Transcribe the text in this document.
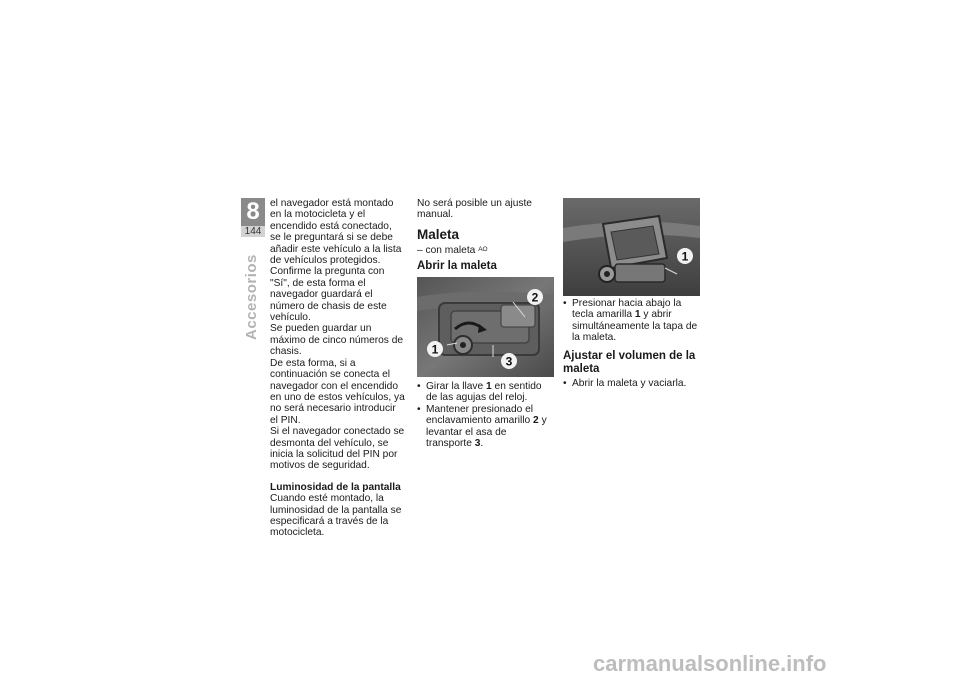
8
144
Accesorios

el navegador está montado en la motocicleta y el encendido está conectado, se le preguntará si se debe añadir este vehículo a la lista de vehículos protegidos.

Confirme la pregunta con "Sí", de esta forma el navegador guardará el número de chasis de este vehículo.

Se pueden guardar un máximo de cinco números de chasis.

De esta forma, si a continuación se conecta el navegador con el encendido en uno de estos vehículos, ya no será necesario introducir el PIN.

Si el navegador conectado se desmonta del vehículo, se inicia la solicitud del PIN por motivos de seguridad.

Luminosidad de la pantalla

Cuando esté montado, la luminosidad de la pantalla se especificará a través de la motocicleta.

No será posible un ajuste manual.

Maleta

– con maleta $^{AO}$

Abrir la maleta
2
1
3
• Girar la llave 1 en sentido de las agujas del reloj.
• Mantener presionado el enclavamiento amarillo 2 y levantar el asa de transporte 3.
1
• Presionar hacia abajo la tecla amarilla 1 y abrir simultáneamente la tapa de la maleta.
Ajustar el volumen de la maleta
• Abrir la maleta y vaciarla.
carmanualsonline.info
